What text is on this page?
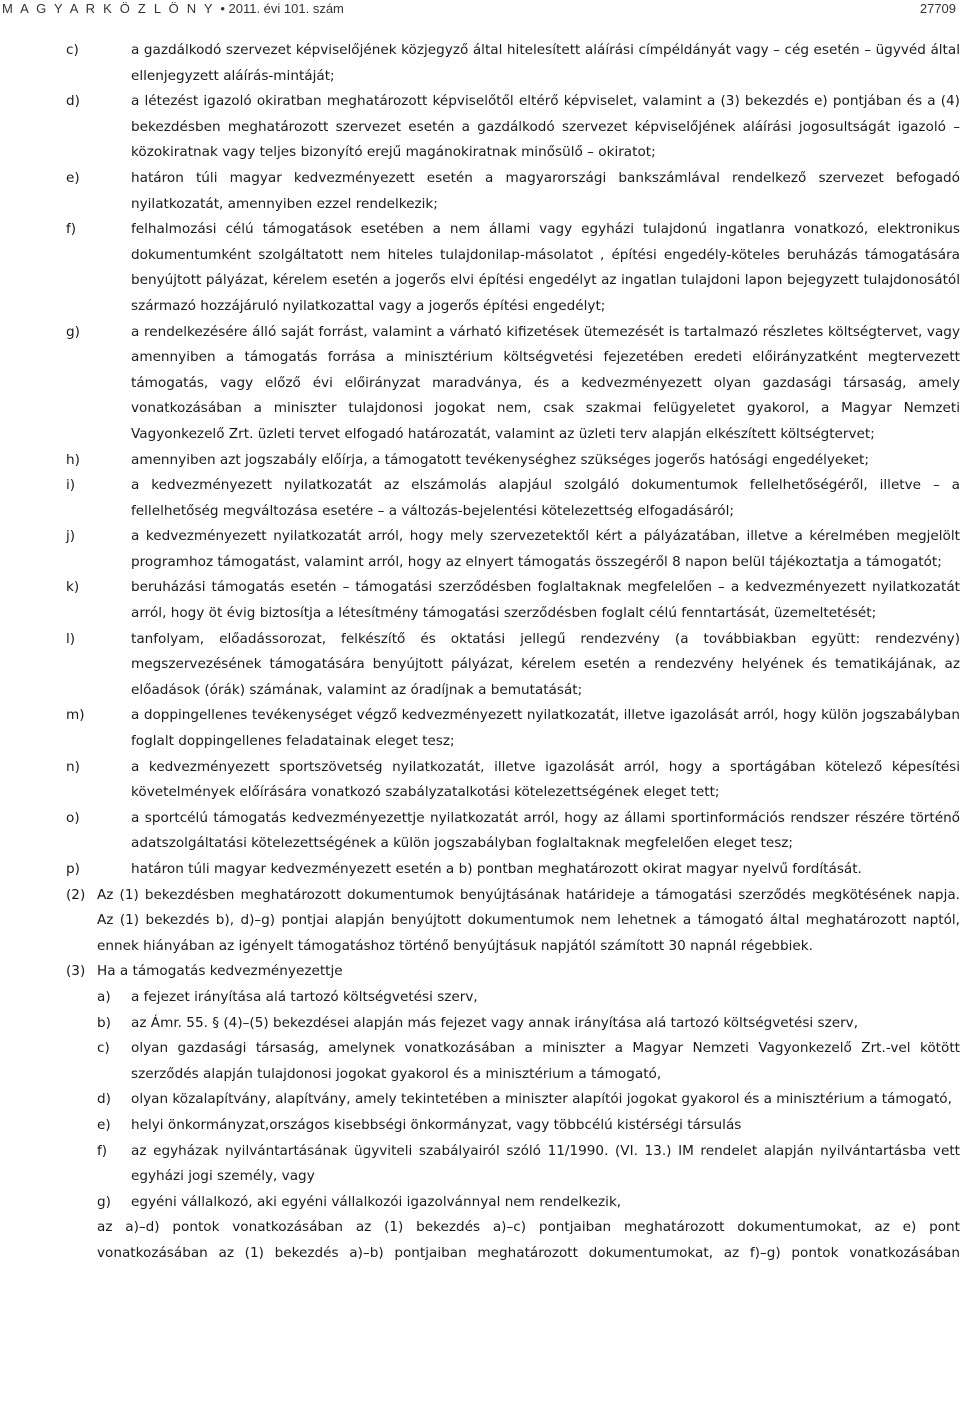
M A G Y A R K Ö Z L Ö N Y • 2011. évi 101. szám	27709
c)	a gazdálkodó szervezet képviselőjének közjegyző által hitelesített aláírási címpéldányát vagy – cég esetén – ügyvéd által ellenjegyzett aláírás-mintáját;
d)	a létezést igazoló okiratban meghatározott képviselőtől eltérő képviselet, valamint a (3) bekezdés e) pontjában és a (4) bekezdésben meghatározott szervezet esetén a gazdálkodó szervezet képviselőjének aláírási jogosultságát igazoló – közokiratnak vagy teljes bizonyító erejű magánokiratnak minősülő – okiratot;
e)	határon túli magyar kedvezményezett esetén a magyarországi bankszámlával rendelkező szervezet befogadó nyilatkozatát, amennyiben ezzel rendelkezik;
f)	felhalmozási célú támogatások esetében a nem állami vagy egyházi tulajdonú ingatlanra vonatkozó, elektronikus dokumentumként szolgáltatott nem hiteles tulajdonilap-másolatot , építési engedély-köteles beruházás támogatására benyújtott pályázat, kérelem esetén a jogerős elvi építési engedélyt az ingatlan tulajdoni lapon bejegyzett tulajdonosától származó hozzájáruló nyilatkozattal vagy a jogerős építési engedélyt;
g)	a rendelkezésére álló saját forrást, valamint a várható kifizetések ütemezését is tartalmazó részletes költségtervet, vagy amennyiben a támogatás forrása a minisztérium költségvetési fejezetében eredeti előirányzatként megtervezett támogatás, vagy előző évi előirányzat maradványa, és a kedvezményezett olyan gazdasági társaság, amely vonatkozásában a miniszter tulajdonosi jogokat nem, csak szakmai felügyeletet gyakorol, a Magyar Nemzeti Vagyonkezelő Zrt. üzleti tervet elfogadó határozatát, valamint az üzleti terv alapján elkészített költségtervet;
h)	amennyiben azt jogszabály előírja, a támogatott tevékenységhez szükséges jogerős hatósági engedélyeket;
i)	a kedvezményezett nyilatkozatát az elszámolás alapjául szolgáló dokumentumok fellelhetőségéről, illetve – a fellelhetőség megváltozása esetére – a változás-bejelentési kötelezettség elfogadásáról;
j)	a kedvezményezett nyilatkozatát arról, hogy mely szervezetektől kért a pályázatában, illetve a kérelmében megjelölt programhoz támogatást, valamint arról, hogy az elnyert támogatás összegéről 8 napon belül tájékoztatja a támogatót;
k)	beruházási támogatás esetén – támogatási szerződésben foglaltaknak megfelelően – a kedvezményezett nyilatkozatát arról, hogy öt évig biztosítja a létesítmény támogatási szerződésben foglalt célú fenntartását, üzemeltetését;
l)	tanfolyam, előadássorozat, felkészítő és oktatási jellegű rendezvény (a továbbiakban együtt: rendezvény) megszervezésének támogatására benyújtott pályázat, kérelem esetén a rendezvény helyének és tematikájának, az előadások (órák) számának, valamint az óradíjnak a bemutatását;
m)	a doppingellenes tevékenységet végző kedvezményezett nyilatkozatát, illetve igazolását arról, hogy külön jogszabályban foglalt doppingellenes feladatainak eleget tesz;
n)	a kedvezményezett sportszövetség nyilatkozatát, illetve igazolását arról, hogy a sportágában kötelező képesítési követelmények előírására vonatkozó szabályzatalkotási kötelezettségének eleget tett;
o)	a sportcélú támogatás kedvezményezettje nyilatkozatát arról, hogy az állami sportinformációs rendszer részére történő adatszolgáltatási kötelezettségének a külön jogszabályban foglaltaknak megfelelően eleget tesz;
p)	határon túli magyar kedvezményezett esetén a b) pontban meghatározott okirat magyar nyelvű fordítását.
(2) Az (1) bekezdésben meghatározott dokumentumok benyújtásának határideje a támogatási szerződés megkötésének napja. Az (1) bekezdés b), d)–g) pontjai alapján benyújtott dokumentumok nem lehetnek a támogató által meghatározott naptól, ennek hiányában az igényelt támogatáshoz történő benyújtásuk napjától számított 30 napnál régebbiek.
(3) Ha a támogatás kedvezményezettje
a) a fejezet irányítása alá tartozó költségvetési szerv,
b) az Ámr. 55. § (4)–(5) bekezdései alapján más fejezet vagy annak irányítása alá tartozó költségvetési szerv,
c) olyan gazdasági társaság, amelynek vonatkozásában a miniszter a Magyar Nemzeti Vagyonkezelő Zrt.-vel kötött szerződés alapján tulajdonosi jogokat gyakorol és a minisztérium a támogató,
d) olyan közalapítvány, alapítvány, amely tekintetében a miniszter alapítói jogokat gyakorol és a minisztérium a támogató,
e) helyi önkormányzat,országos kisebbségi önkormányzat, vagy többcélú kistérségi társulás
f) az egyházak nyilvántartásának ügyviteli szabályairól szóló 11/1990. (VI. 13.) IM rendelet alapján nyilvántartásba vett egyházi jogi személy, vagy
g) egyéni vállalkozó, aki egyéni vállalkozói igazolvánnyal nem rendelkezik,
az a)–d) pontok vonatkozásában az (1) bekezdés a)–c) pontjaiban meghatározott dokumentumokat, az e) pont vonatkozásában az (1) bekezdés a)–b) pontjaiban meghatározott dokumentumokat, az f)–g) pontok vonatkozásában
